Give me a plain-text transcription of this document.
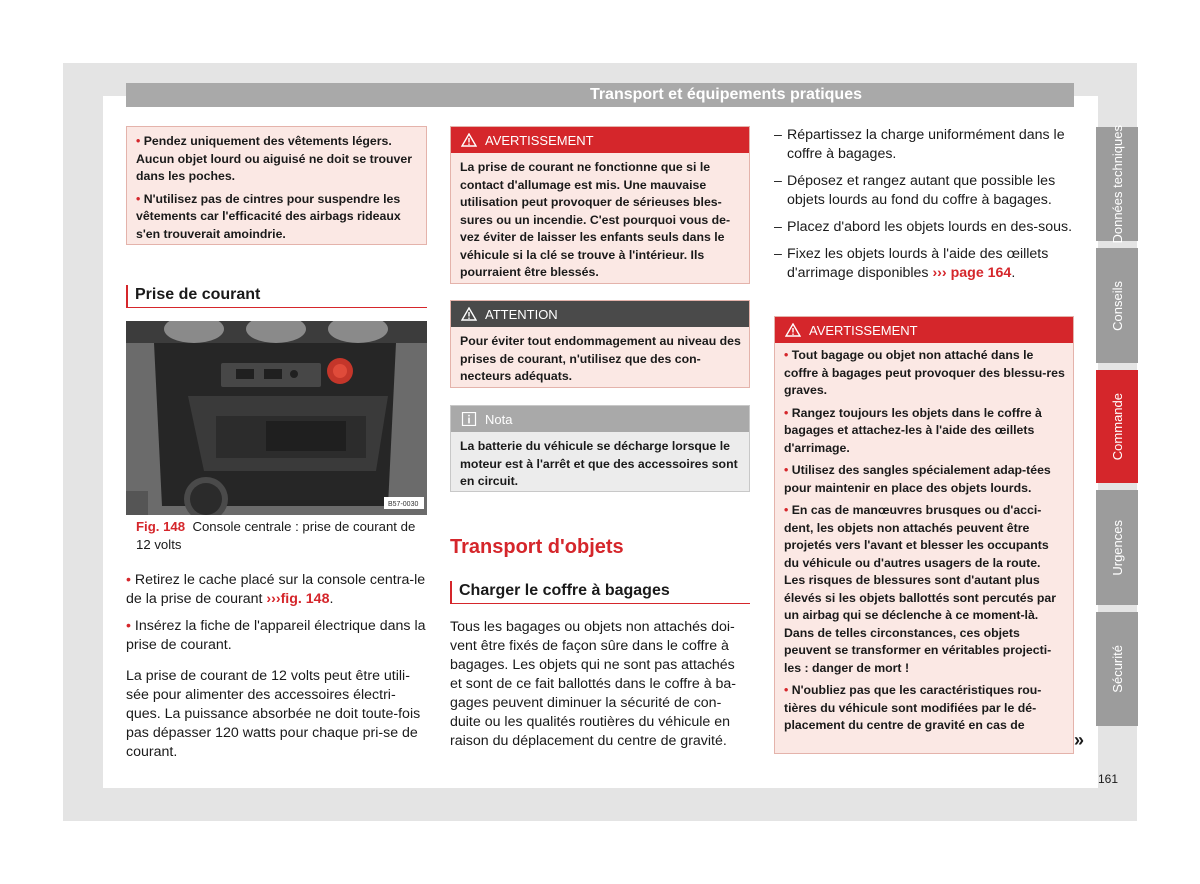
Transport et équipements pratiques
Données techniques
Conseils
Commande
Urgences
Sécurité

• Pendez uniquement des vêtements légers. Aucun objet lourd ou aiguisé ne doit se trouver dans les poches.

• N'utilisez pas de cintres pour suspendre les vêtements car l'efficacité des airbags rideaux s'en trouverait amoindrie.

Prise de courant
B57-0030
Fig. 148 Console centrale : prise de courant de 12 volts

• Retirez le cache placé sur la console centra-le de la prise de courant ›››fig. 148.

• Insérez la fiche de l'appareil électrique dans la prise de courant.

La prise de courant de 12 volts peut être utili-sée pour alimenter des accessoires électri-ques. La puissance absorbée ne doit toute-fois pas dépasser 120 watts pour chaque pri-se de courant.

AVERTISSEMENT

La prise de courant ne fonctionne que si le contact d'allumage est mis. Une mauvaise utilisation peut provoquer de sérieuses bles-sures ou un incendie. C'est pourquoi vous de-vez éviter de laisser les enfants seuls dans le véhicule si la clé se trouve à l'intérieur. Ils pourraient être blessés.

ATTENTION

Pour éviter tout endommagement au niveau des prises de courant, n'utilisez que des con-necteurs adéquats.

Nota

La batterie du véhicule se décharge lorsque le moteur est à l'arrêt et que des accessoires sont en circuit.

Transport d'objets
Charger le coffre à bagages

Tous les bagages ou objets non attachés doi-vent être fixés de façon sûre dans le coffre à bagages. Les objets qui ne sont pas attachés et sont de ce fait ballottés dans le coffre à ba-gages peuvent diminuer la sécurité de con-duite ou les qualités routières du véhicule en raison du déplacement du centre de gravité.

– Répartissez la charge uniformément dans le coffre à bagages.
– Déposez et rangez autant que possible les objets lourds au fond du coffre à bagages.
– Placez d'abord les objets lourds en des-sous.
– Fixez les objets lourds à l'aide des œillets d'arrimage disponibles ››› page 164.
AVERTISSEMENT

• Tout bagage ou objet non attaché dans le coffre à bagages peut provoquer des blessu-res graves.

• Rangez toujours les objets dans le coffre à bagages et attachez-les à l'aide des œillets d'arrimage.

• Utilisez des sangles spécialement adap-tées pour maintenir en place des objets lourds.

• En cas de manœuvres brusques ou d'acci-dent, les objets non attachés peuvent être projetés vers l'avant et blesser les occupants du véhicule ou d'autres usagers de la route. Les risques de blessures sont d'autant plus élevés si les objets ballottés sont percutés par un airbag qui se déclenche à ce moment-là. Dans de telles circonstances, ces objets peuvent se transformer en véritables projecti-les : danger de mort !

• N'oubliez pas que les caractéristiques rou-tières du véhicule sont modifiées par le dé-placement du centre de gravité en cas de

»
161
